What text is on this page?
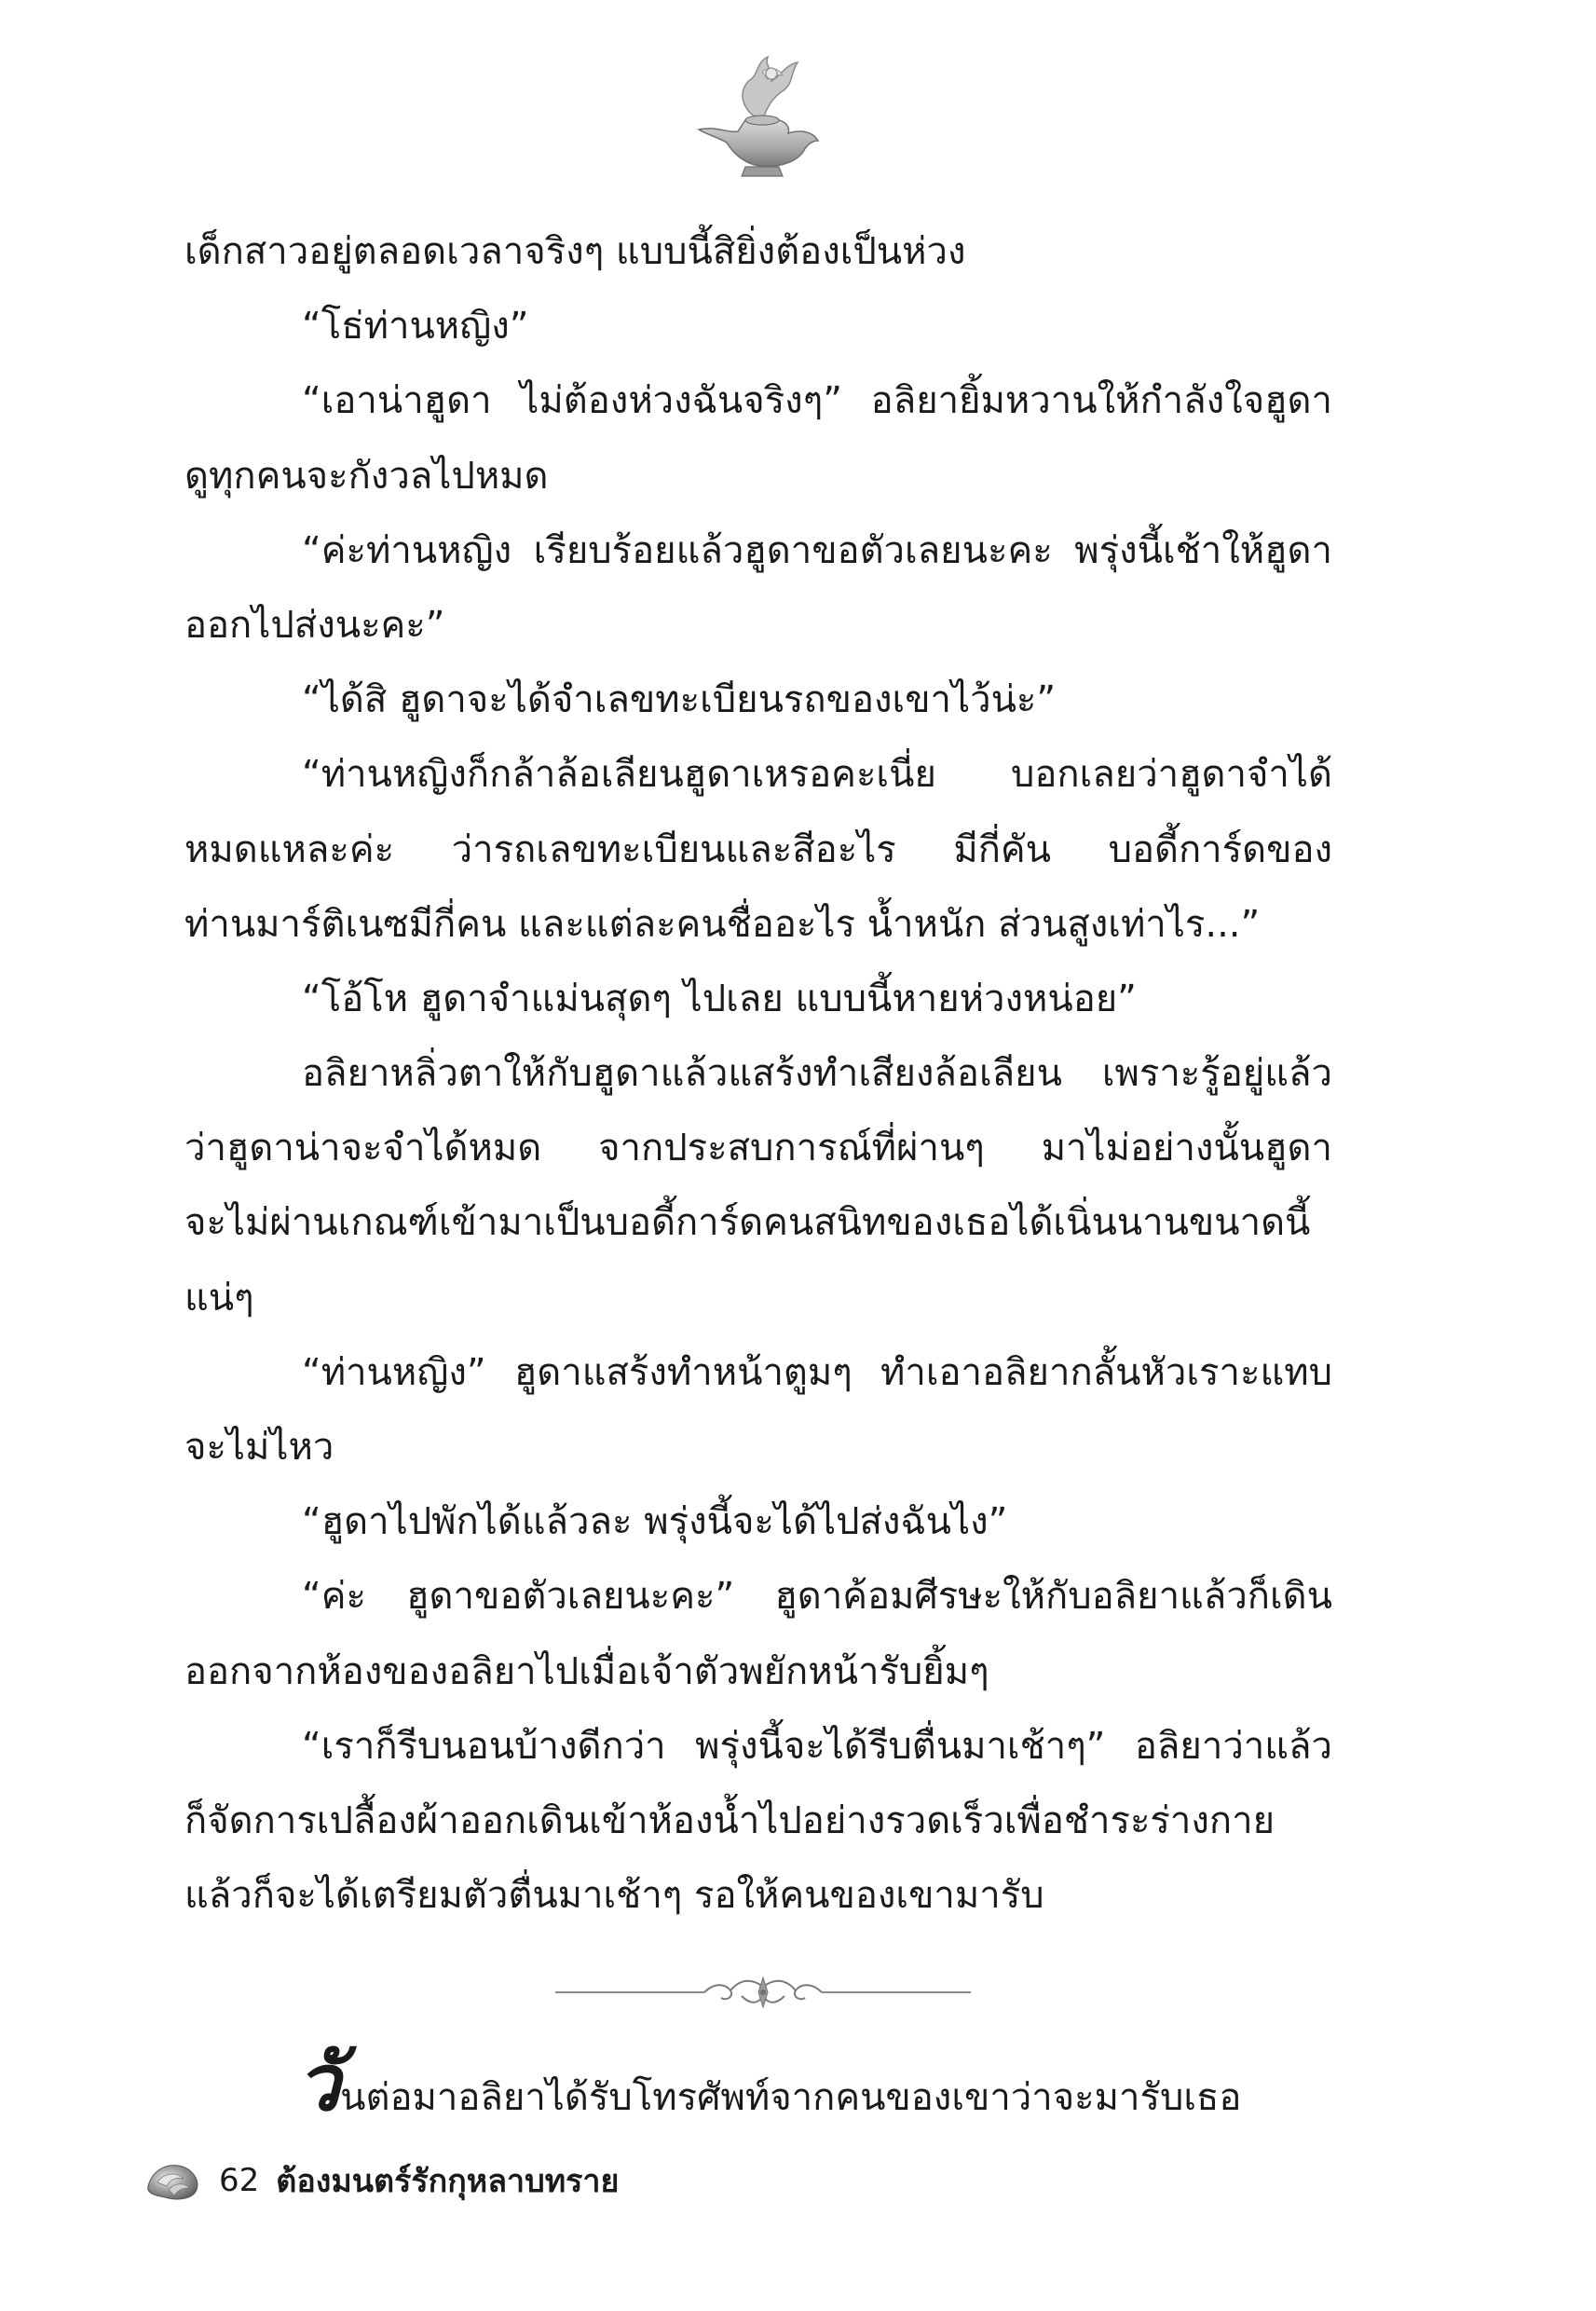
เด็กสาวอยู่ตลอดเวลาจริงๆ แบบนี้สิยิ่งต้องเป็นห่วง
“โธ่ท่านหญิง”
“เอาน่าฮูดา ไม่ต้องห่วงฉันจริงๆ” อลิยายิ้มหวานให้กำลังใจฮูดา
ดูทุกคนจะกังวลไปหมด
“ค่ะท่านหญิง เรียบร้อยแล้วฮูดาขอตัวเลยนะคะ พรุ่งนี้เช้าให้ฮูดา
ออกไปส่งนะคะ”
“ได้สิ ฮูดาจะได้จำเลขทะเบียนรถของเขาไว้น่ะ”
“ท่านหญิงก็กล้าล้อเลียนฮูดาเหรอคะเนี่ย บอกเลยว่าฮูดาจำได้
หมดแหละค่ะ ว่ารถเลขทะเบียนและสีอะไร มีกี่คัน บอดี้การ์ดของ
ท่านมาร์ติเนซมีกี่คน และแต่ละคนชื่ออะไร น้ำหนัก ส่วนสูงเท่าไร...”
“โอ้โห ฮูดาจำแม่นสุดๆ ไปเลย แบบนี้หายห่วงหน่อย”
อลิยาหลิ่วตาให้กับฮูดาแล้วแสร้งทำเสียงล้อเลียน เพราะรู้อยู่แล้ว
ว่าฮูดาน่าจะจำได้หมด จากประสบการณ์ที่ผ่านๆ มาไม่อย่างนั้นฮูดา
จะไม่ผ่านเกณฑ์เข้ามาเป็นบอดี้การ์ดคนสนิทของเธอได้เนิ่นนานขนาดนี้
แน่ๆ
“ท่านหญิง” ฮูดาแสร้งทำหน้าตูมๆ ทำเอาอลิยากลั้นหัวเราะแทบ
จะไม่ไหว
“ฮูดาไปพักได้แล้วละ พรุ่งนี้จะได้ไปส่งฉันไง”
“ค่ะ ฮูดาขอตัวเลยนะคะ” ฮูดาค้อมศีรษะให้กับอลิยาแล้วก็เดิน
ออกจากห้องของอลิยาไปเมื่อเจ้าตัวพยักหน้ารับยิ้มๆ
“เราก็รีบนอนบ้างดีกว่า พรุ่งนี้จะได้รีบตื่นมาเช้าๆ” อลิยาว่าแล้ว
ก็จัดการเปลื้องผ้าออกเดินเข้าห้องน้ำไปอย่างรวดเร็วเพื่อชำระร่างกาย
แล้วก็จะได้เตรียมตัวตื่นมาเช้าๆ รอให้คนของเขามารับ
วันต่อมาอลิยาได้รับโทรศัพท์จากคนของเขาว่าจะมารับเธอ
62 ต้องมนตร์รักกุหลาบทราย
